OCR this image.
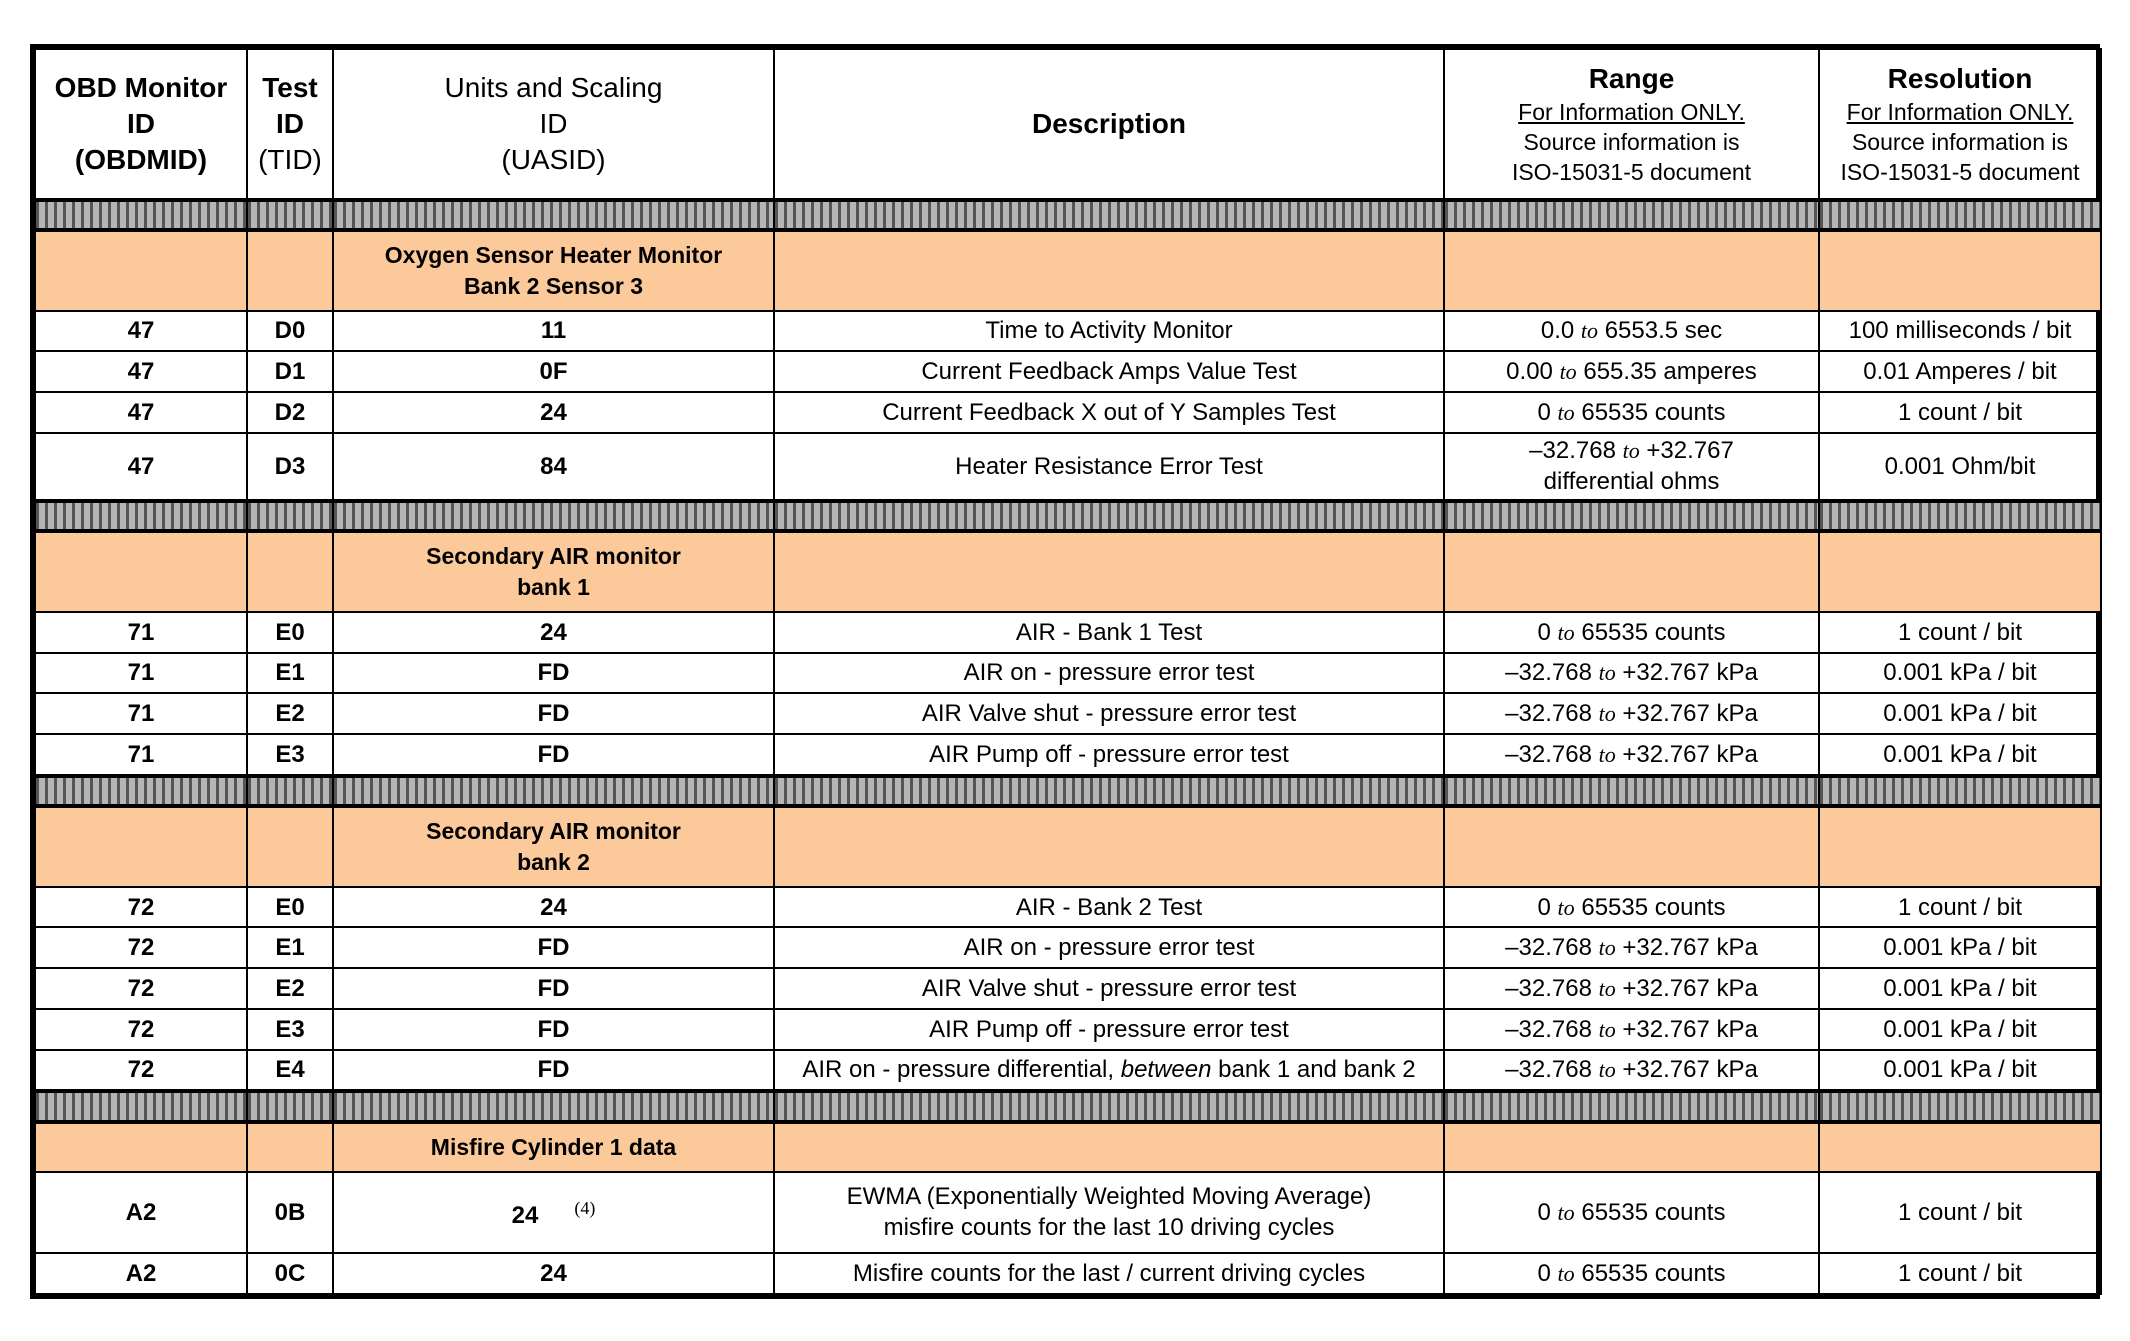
OBD Monitor
ID
(OBDMID)	Test
ID
(TID)	Units and Scaling
ID
(UASID)	Description	Range
For Information ONLY.
Source information is
ISO-15031-5 document	Resolution
For Information ONLY.
Source information is
ISO-15031-5 document

		Oxygen Sensor Heater Monitor
Bank 2 Sensor 3			

47	D0	11	Time to Activity Monitor	0.0 to 6553.5 sec	100 milliseconds / bit
47	D1	0F	Current Feedback Amps Value Test	0.00 to 655.35 amperes	0.01 Amperes / bit
47	D2	24	Current Feedback X out of Y Samples Test	0 to 65535 counts	1 count / bit
47	D3	84	Heater Resistance Error Test	–32.768 to +32.767
differential ohms	0.001 Ohm/bit

		Secondary AIR monitor
bank 1			

71	E0	24	AIR - Bank 1 Test	0 to 65535 counts	1 count / bit
71	E1	FD	AIR on - pressure error test	–32.768 to +32.767 kPa	0.001 kPa / bit
71	E2	FD	AIR Valve shut - pressure error test	–32.768 to +32.767 kPa	0.001 kPa / bit
71	E3	FD	AIR Pump off - pressure error test	–32.768 to +32.767 kPa	0.001 kPa / bit

		Secondary AIR monitor
bank 2			

72	E0	24	AIR - Bank 2 Test	0 to 65535 counts	1 count / bit
72	E1	FD	AIR on - pressure error test	–32.768 to +32.767 kPa	0.001 kPa / bit
72	E2	FD	AIR Valve shut - pressure error test	–32.768 to +32.767 kPa	0.001 kPa / bit
72	E3	FD	AIR Pump off - pressure error test	–32.768 to +32.767 kPa	0.001 kPa / bit
72	E4	FD	AIR on - pressure differential, between bank 1 and bank 2	–32.768 to +32.767 kPa	0.001 kPa / bit

		Misfire Cylinder 1 data			

A2	0B	24 $^{(4)}$	EWMA (Exponentially Weighted Moving Average)
misfire counts for the last 10 driving cycles	0 to 65535 counts	1 count / bit
A2	0C	24	Misfire counts for the last / current driving cycles	0 to 65535 counts	1 count / bit
